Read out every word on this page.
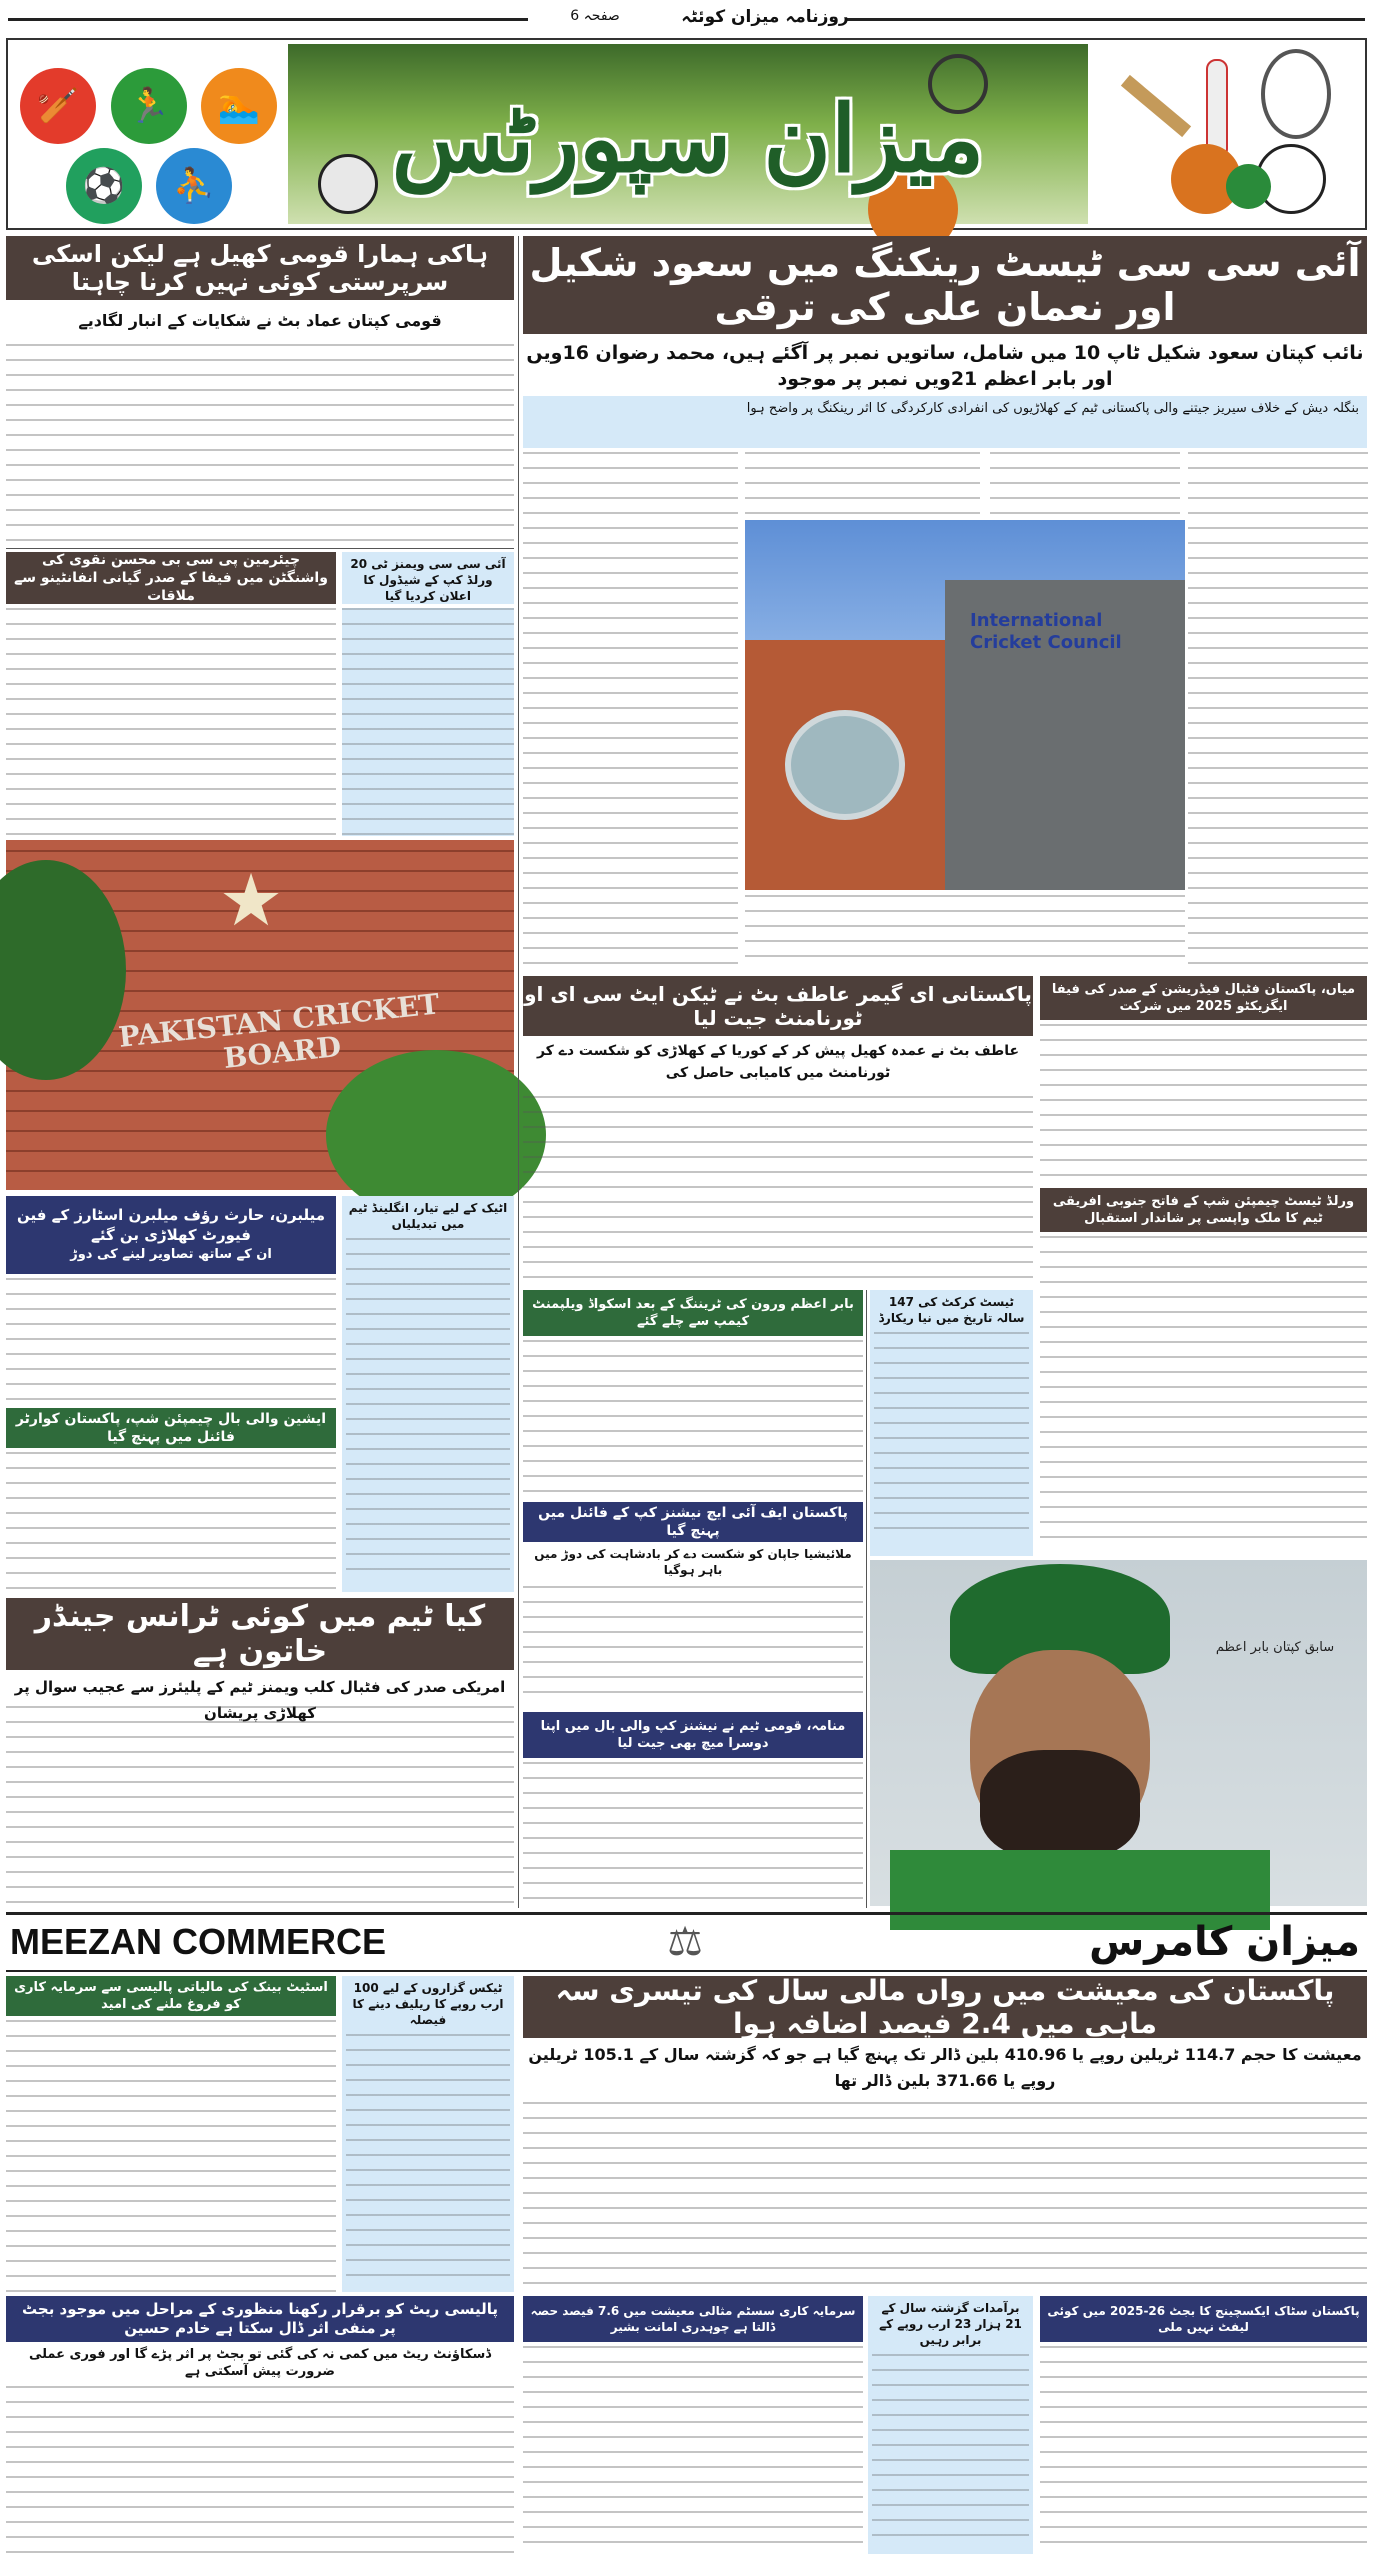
روزنامہ میزان کوئٹہ
صفحہ 6
🏏	🏃	🏊
⚽	⛹	میزان سپورٹس
آئی سی سی ٹیسٹ رینکنگ میں سعود شکیل اور نعمان علی کی ترقی
نائب کپتان سعود شکیل ٹاپ 10 میں شامل، ساتویں نمبر پر آگئے ہیں، محمد رضوان 16ویں اور بابر اعظم 21ویں نمبر پر موجود
بنگلہ دیش کے خلاف سیریز جیتنے والی پاکستانی ٹیم کے کھلاڑیوں کی انفرادی کارکردگی کا اثر رینکنگ پر واضح ہوا
International Cricket Council
ہاکی ہمارا قومی کھیل ہے لیکن اسکی سرپرستی کوئی نہیں کرنا چاہتا
قومی کپتان عماد بٹ نے شکایات کے انبار لگادیے
چیئرمین پی سی بی محسن نقوی کی واشنگٹن میں فیفا کے صدر گیانی انفانٹینو سے ملاقات
آئی سی سی ویمنز ٹی 20 ورلڈ کپ کے شیڈول کا اعلان کردیا گیا
★
PAKISTAN CRICKET BOARD
میلبرن، حارث رؤف میلبرن اسٹارز کے فین فیورٹ کھلاڑی بن گئے
ان کے ساتھ تصاویر لینے کی دوڑ
اٹیک کے لیے تیار، انگلینڈ ٹیم میں تبدیلیاں
ایشین والی بال چیمپئن شپ، پاکستان کوارٹر فائنل میں پہنچ گیا
کیا ٹیم میں کوئی ٹرانس جینڈر خاتون ہے
امریکی صدر کی فٹبال کلب ویمنز ٹیم کے پلیئرز سے عجیب سوال پر کھلاڑی پریشان
پاکستانی ای گیمر عاطف بٹ نے ٹیکن ایٹ سی ای او ٹورنامنٹ جیت لیا
عاطف بٹ نے عمدہ کھیل پیش کر کے کوریا کے کھلاڑی کو شکست دے کر ٹورنامنٹ میں کامیابی حاصل کی
ٹیسٹ کرکٹ کی 147 سالہ تاریخ میں نیا ریکارڈ
بابر اعظم ورون کی ٹریننگ کے بعد اسکواڈ ویلپمنٹ کیمپ سے چلے گئے
پاکستان ایف آئی ایچ نیشنز کپ کے فائنل میں پہنچ گیا
ملائیشیا جاپان کو شکست دے کر بادشاہت کی دوڑ میں باہر ہوگیا
منامہ، قومی ٹیم نے نیشنز کپ والی بال میں اپنا دوسرا میچ بھی جیت لیا
میاں، پاکستان فٹبال فیڈریشن کے صدر کی فیفا ایگزیکٹو 2025 میں شرکت
ورلڈ ٹیسٹ چیمپئن شپ کے فاتح جنوبی افریقی ٹیم کا ملک واپسی پر شاندار استقبال
سابق کپتان بابر اعظم
MEEZAN COMMERCE	⚖	میزان کامرس
پاکستان کی معیشت میں رواں مالی سال کی تیسری سہ ماہی میں 2.4 فیصد اضافہ ہوا
معیشت کا حجم 114.7 ٹریلین روپے یا 410.96 بلین ڈالر تک پہنچ گیا ہے جو کہ گزشتہ سال کے 105.1 ٹریلین روپے یا 371.66 بلین ڈالر تھا
اسٹیٹ بینک کی مالیاتی پالیسی سے سرمایہ کاری کو فروغ ملنے کی امید
ٹیکس گزاروں کے لیے 100 ارب روپے کا ریلیف دینے کا فیصلہ
پالیسی ریٹ کو برقرار رکھنا منظوری کے مراحل میں موجود بجٹ پر منفی اثر ڈال سکتا ہے خادم حسین
ڈسکاؤنٹ ریٹ میں کمی نہ کی گئی تو بجٹ پر اثر پڑے گا اور فوری عملی ضرورت پیش آسکتی ہے
سرمایہ کاری سسٹم مثالی معیشت میں 7.6 فیصد حصہ ڈالتا ہے چوہدری امانت بشیر
برآمدات گزشتہ سال کے 21 ہزار 23 ارب روپے کے برابر رہیں
پاکستان سٹاک ایکسچینج کا بجٹ 26-2025 میں کوئی لیفٹ نہیں ملی
